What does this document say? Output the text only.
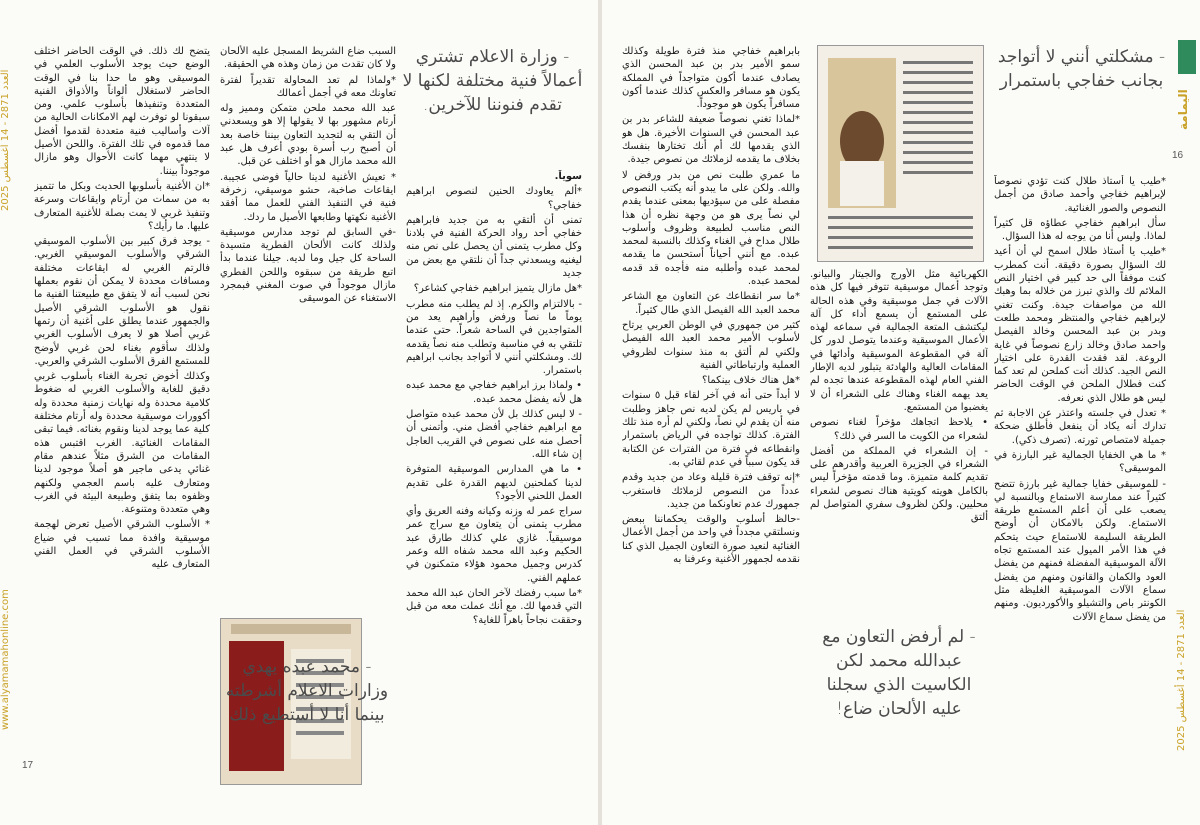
العدد 2871 - 14 أغسطس 2025
www.alyamamahonline.com
17

يتضح لك ذلك. في الوقت الحاضر اختلف الوضع حيث يوجد الأسلوب العلمي في الموسيقى وهو ما حدا بنا في الوقت الحاضر لاستغلال ألواناً والأذواق الفنية المتعددة وتنفيذها بأسلوب علمي. ومن سبقونا لو توفرت لهم الامكانات الحالية من آلات وأساليب فنية متعددة لقدموا أفضل مما قدموه في تلك الفترة. واللحن الأصيل لا ينتهي مهما كانت الأحوال وهو مازال موجوداً بيننا.

*ان الأغنية بأسلوبها الحديث وبكل ما تتميز به من سمات من أرتام وايقاعات وسرعة وتنفيذ غربي لا يمت بصلة للأغنية المتعارف عليها. ما رأيك؟

- يوجد فرق كبير بين الأسلوب الموسيقي الشرقي والأسلوب الموسيقي الغربي. فالرتم الغربي له ايقاعات مختلفة ومسافات محددة لا يمكن أن نقوم بعملها نحن لسبب أنه لا يتفق مع طبيعتنا الفنية ما نقول هو الأسلوب الشرقي الأصيل والجمهور عندما يطلق على أغنية أن رتمها غربي أصلا هو لا يعرف الأسلوب الغربي ولذلك سأقوم بغناء لحن غربي لأوضح للمستمع الفرق الأسلوب الشرقي والعربي.

وكذلك أخوض تجربة الغناء بأسلوب غربي دقيق للغاية والأسلوب الغربي له ضغوط كلامية محددة وله نهايات زمنية محددة وله أكوورات موسيقية محددة وله أرتام مختلفة كلية عما يوجد لدينا ونقوم بغنائه. فيما تبقى المقامات الغنائية. الغرب اقتبس هذه المقامات من الشرق مثلاً عندهم مقام غنائي يدعى ماجير هو أصلاً موجود لدينا ومتعارف عليه باسم العجمي ولكنهم وظفوه بما يتفق وطبيعة البيئة في الغرب وهي متعددة ومتنوعة.

* الأسلوب الشرقي الأصيل تعرض لهجمة موسيقية وافدة مما تسبب في ضياع الأسلوب الشرقي في العمل الفني المتعارف عليه

السبب ضاع الشريط المسجل عليه الألحان ولا كان تقدت من زمان وهذه هي الحقيقة.

*ولماذا لم تعد المحاولة تقديراً لفترة تعاونك معه في أجمل أعمالك

عبد الله محمد ملحن متمكن ومميز وله أرتام مشهور بها لا يقولها إلا هو ويسعدني أن التقي به لتجديد التعاون بيننا خاصة بعد أن أصبح رب أسرة بودي أعرف هل عبد الله محمد مازال هو أو اختلف عن قبل.

* تعيش الأغنية لدينا حالياً فوضى عجيبة. ايقاعات صاخبة، حشو موسيقي، زخرفة فنية في التنفيذ الفني للعمل مما أفقد الأغنية نكهتها وطابعها الأصيل ما ردك.

-في السابق لم توجد مدارس موسيقية ولذلك كانت الألحان الفطرية متسيدة الساحة كل جيل وما لديه. جيلنا عندما بدأ اتبع طريقة من سبقوه واللحن الفطري مازال موجوداً في صوت المغني فبمجرد الاستغناء عن الموسيقى

سوياً.

*ألم يعاودك الحنين لنصوص ابراهيم خفاجي؟

تمنى أن ألتقي به من جديد فابراهيم خفاجي أحد رواد الحركة الفنية في بلادنا وكل مطرب يتمنى أن يحصل على نص منه ليغنيه ويسعدني جداً أن نلتقي مع بعض من جديد

*هل مازال يتميز ابراهيم خفاجي كشاعر؟

- بالالتزام والكرم. إذ لم يطلب منه مطرب يوماً ما نصاً ورفض وأراهيم يعد من المتواجدين في الساحة شعراً. حتى عندما تلتقي به في مناسبة وتطلب منه نصاً يقدمه لك. ومشكلتي أنني لا أتواجد بجانب ابراهيم باستمرار.

• ولماذا برز ابراهيم خفاجي مع محمد عبده هل لأنه يفضل محمد عبده.

- لا ليس كذلك بل لأن محمد عبده متواصل مع ابراهيم خفاجي أفضل مني. وأتمنى أن أحصل منه على نصوص في القريب العاجل إن شاء الله.

• ما هي المدارس الموسيقية المتوفرة لدينا كملحنين لديهم القدرة على تقديم العمل اللحني الأجود؟

سراج عمر له وزنه وكيانه وفنه العريق وأي مطرب يتمنى أن يتعاون مع سراج عمر موسيقياً. غازي علي كذلك طارق عبد الحكيم وعبد الله محمد شفاه الله وعمر كدرس وجميل محمود هؤلاء متمكنون في عملهم الفني.

*ما سبب رفضك لآخر الحان عبد الله محمد التي قدمها لك. مع أنك عملت معه من قبل وحققت نجاحاً باهراً للغاية؟

- وزارة الاعلام تشتري أعمالاً فنية مختلفة لكنها لا تقدم فنوننا للآخرين.
- محمد عبده يهدي وزارات الاعلام أشرطته بينما أنا لا أستطيع ذلك

بابراهيم خفاجي منذ فترة طويلة وكذلك سمو الأمير بدر بن عبد المحسن الذي يصادف عندما أكون متواجداً في المملكة يكون هو مسافر والعكس كذلك عندما أكون مسافراً يكون هو موجوداً.

*لماذا تغني نصوصاً ضعيفة للشاعر بدر بن عبد المحسن في السنوات الأخيرة. هل هو الذي يقدمها لك أم أنك تختارها بنفسك بخلاف ما يقدمه لزملائك من نصوص جيدة.

ما عمري طلبت نص من بدر ورفض لا والله. ولكن على ما يبدو أنه يكتب النصوص مفصلة على من سيؤديها بمعنى عندما يقدم لي نصاً يرى هو من وجهة نظره أن هذا النص مناسب لطبيعة وظروف وأسلوب طلال مداح في الغناء وكذلك بالنسبة لمحمد عبده. مع أنني أحياناً أستحسن ما يقدمه لمحمد عبده وأطلبه منه فأجده قد قدمه لمحمد عبده.

*ما سر انقطاعك عن التعاون مع الشاعر محمد العبد الله الفيصل الذي طال كثيراً.

كثير من جمهوري في الوطن العربي يرتاح لأسلوب الأمير محمد العبد الله الفيصل ولكني لم ألتق به منذ سنوات لظروفي العملية وارتباطاتي الفنية

*هل هناك خلاف بينكما؟

لا أبداً حتى أنه في آخر لقاء قبل ٥ سنوات في باريس لم يكن لديه نص جاهز وطلبت منه أن يقدم لي نصاً، ولكني لم أره منذ تلك الفترة. كذلك تواجده في الرياض باستمرار وانقطاعه في فترة من الفترات عن الكتابة قد يكون سبباً في عدم لقائي به.

*إنه توقف فترة قليلة وعاد من جديد وقدم عدداً من النصوص لزملائك فاستغرب جمهورك عدم تعاونكما من جديد.

-حالظ أسلوب والوقت يحكماننا ببعض ونسلتقي مجدداً في واحد من أجمل الأعمال الغنائية لنعيد صورة التعاون الجميل الذي كنا نقدمه لجمهور الأغنية وعرفنا به

الكهربائية مثل الأورج والجيتار والبيانو. وتوجد أعمال موسيقية تتوفر فيها كل هذه الآلات في جمل موسيقية وفي هذه الحالة على المستمع أن يسمع أداء كل آلة ليكتشف المتعة الجمالية في سماعه لهذه الأعمال الموسيقية وعندما يتوصل لدور كل آلة في المقطوعة الموسيقية وأدائها في المقامات العالية والهادئة يتبلور لديه الإطار الفني العام لهذه المقطوعة عندها تجده لم يعد يهمه الغناء وهناك على الشعراء أن لا يغضبوا من المستمع.

• يلاحظ اتجاهك مؤخراً لغناء نصوص لشعراء من الكويت ما السر في ذلك؟

- إن الشعراء في المملكة من أفضل الشعراء في الجزيرة العربية وأقدرهم على تقديم كلمة متميزة. وما قدمته مؤخراً ليس بالكامل هويته كويتية هناك نصوص لشعراء محليين. ولكن لظروف سفري المتواصل لم ألتق

- لم أرفض التعاون مع عبدالله محمد لكن الكاسيت الذي سجلنا عليه الألحان ضاع!
- مشكلتي أنني لا أتواجد بجانب خفاجي باستمرار

*طيب يا أستاذ طلال كنت تؤدي نصوصاً لإبراهيم خفاجي وأحمد صادق من أجمل النصوص والصور الغنائية.

سأل ابراهيم خفاجي عطاؤه قل كثيراً لماذا. وليس أنا من يوجه له هذا السؤال.

*طيب يا أستاذ طلال اسمح لي أن أعيد لك السؤال بصورة دقيقة. أنت كمطرب كنت موفقاً الى حد كبير في اختيار النص الملائم لك والذي تبرز من خلاله بما وهبك الله من مواصفات جيدة. وكنت تغني لإبراهيم خفاجي والمنتظر ومحمد طلعت وبدر بن عبد المحسن وخالد الفيصل واحمد صادق وخالد زارع نصوصاً في غاية الروعة. لقد فقدت القدرة على اختيار النص الجيد. كذلك أنت كملحن لم تعد كما كنت فطلال الملحن في الوقت الحاضر ليس هو طلال الذي نعرفه.

* تعدل في جلسته واعتذر عن الاجابة ثم تدارك أنه يكاد أن ينفعل فأطلق ضحكة جميلة لامتصاص ثورته. (تصرف ذكي).

* ما هي الخفايا الجمالية غير البارزة في الموسيقى؟

- للموسيقى خفايا جمالية غير بارزة تتضح كثيراً عند ممارسة الاستماع وبالنسبة لي يصعب على أن أعلم المستمع طريقة الاستماع. ولكن بالامكان أن أوضح الطريقة السليمة للاستماع حيث يتحكم في هذا الأمر الميول عند المستمع تجاه الآلة الموسيقية المفضلة فمنهم من يفضل العود والكمان والقانون ومنهم من يفضل سماع الآلات الموسيقية الغليظة مثل الكونتر باص والتشيلو والأكورديون. ومنهم من يفضل سماع الآلات

اليمامة
العدد 2871 - 14 أغسطس 2025
16
